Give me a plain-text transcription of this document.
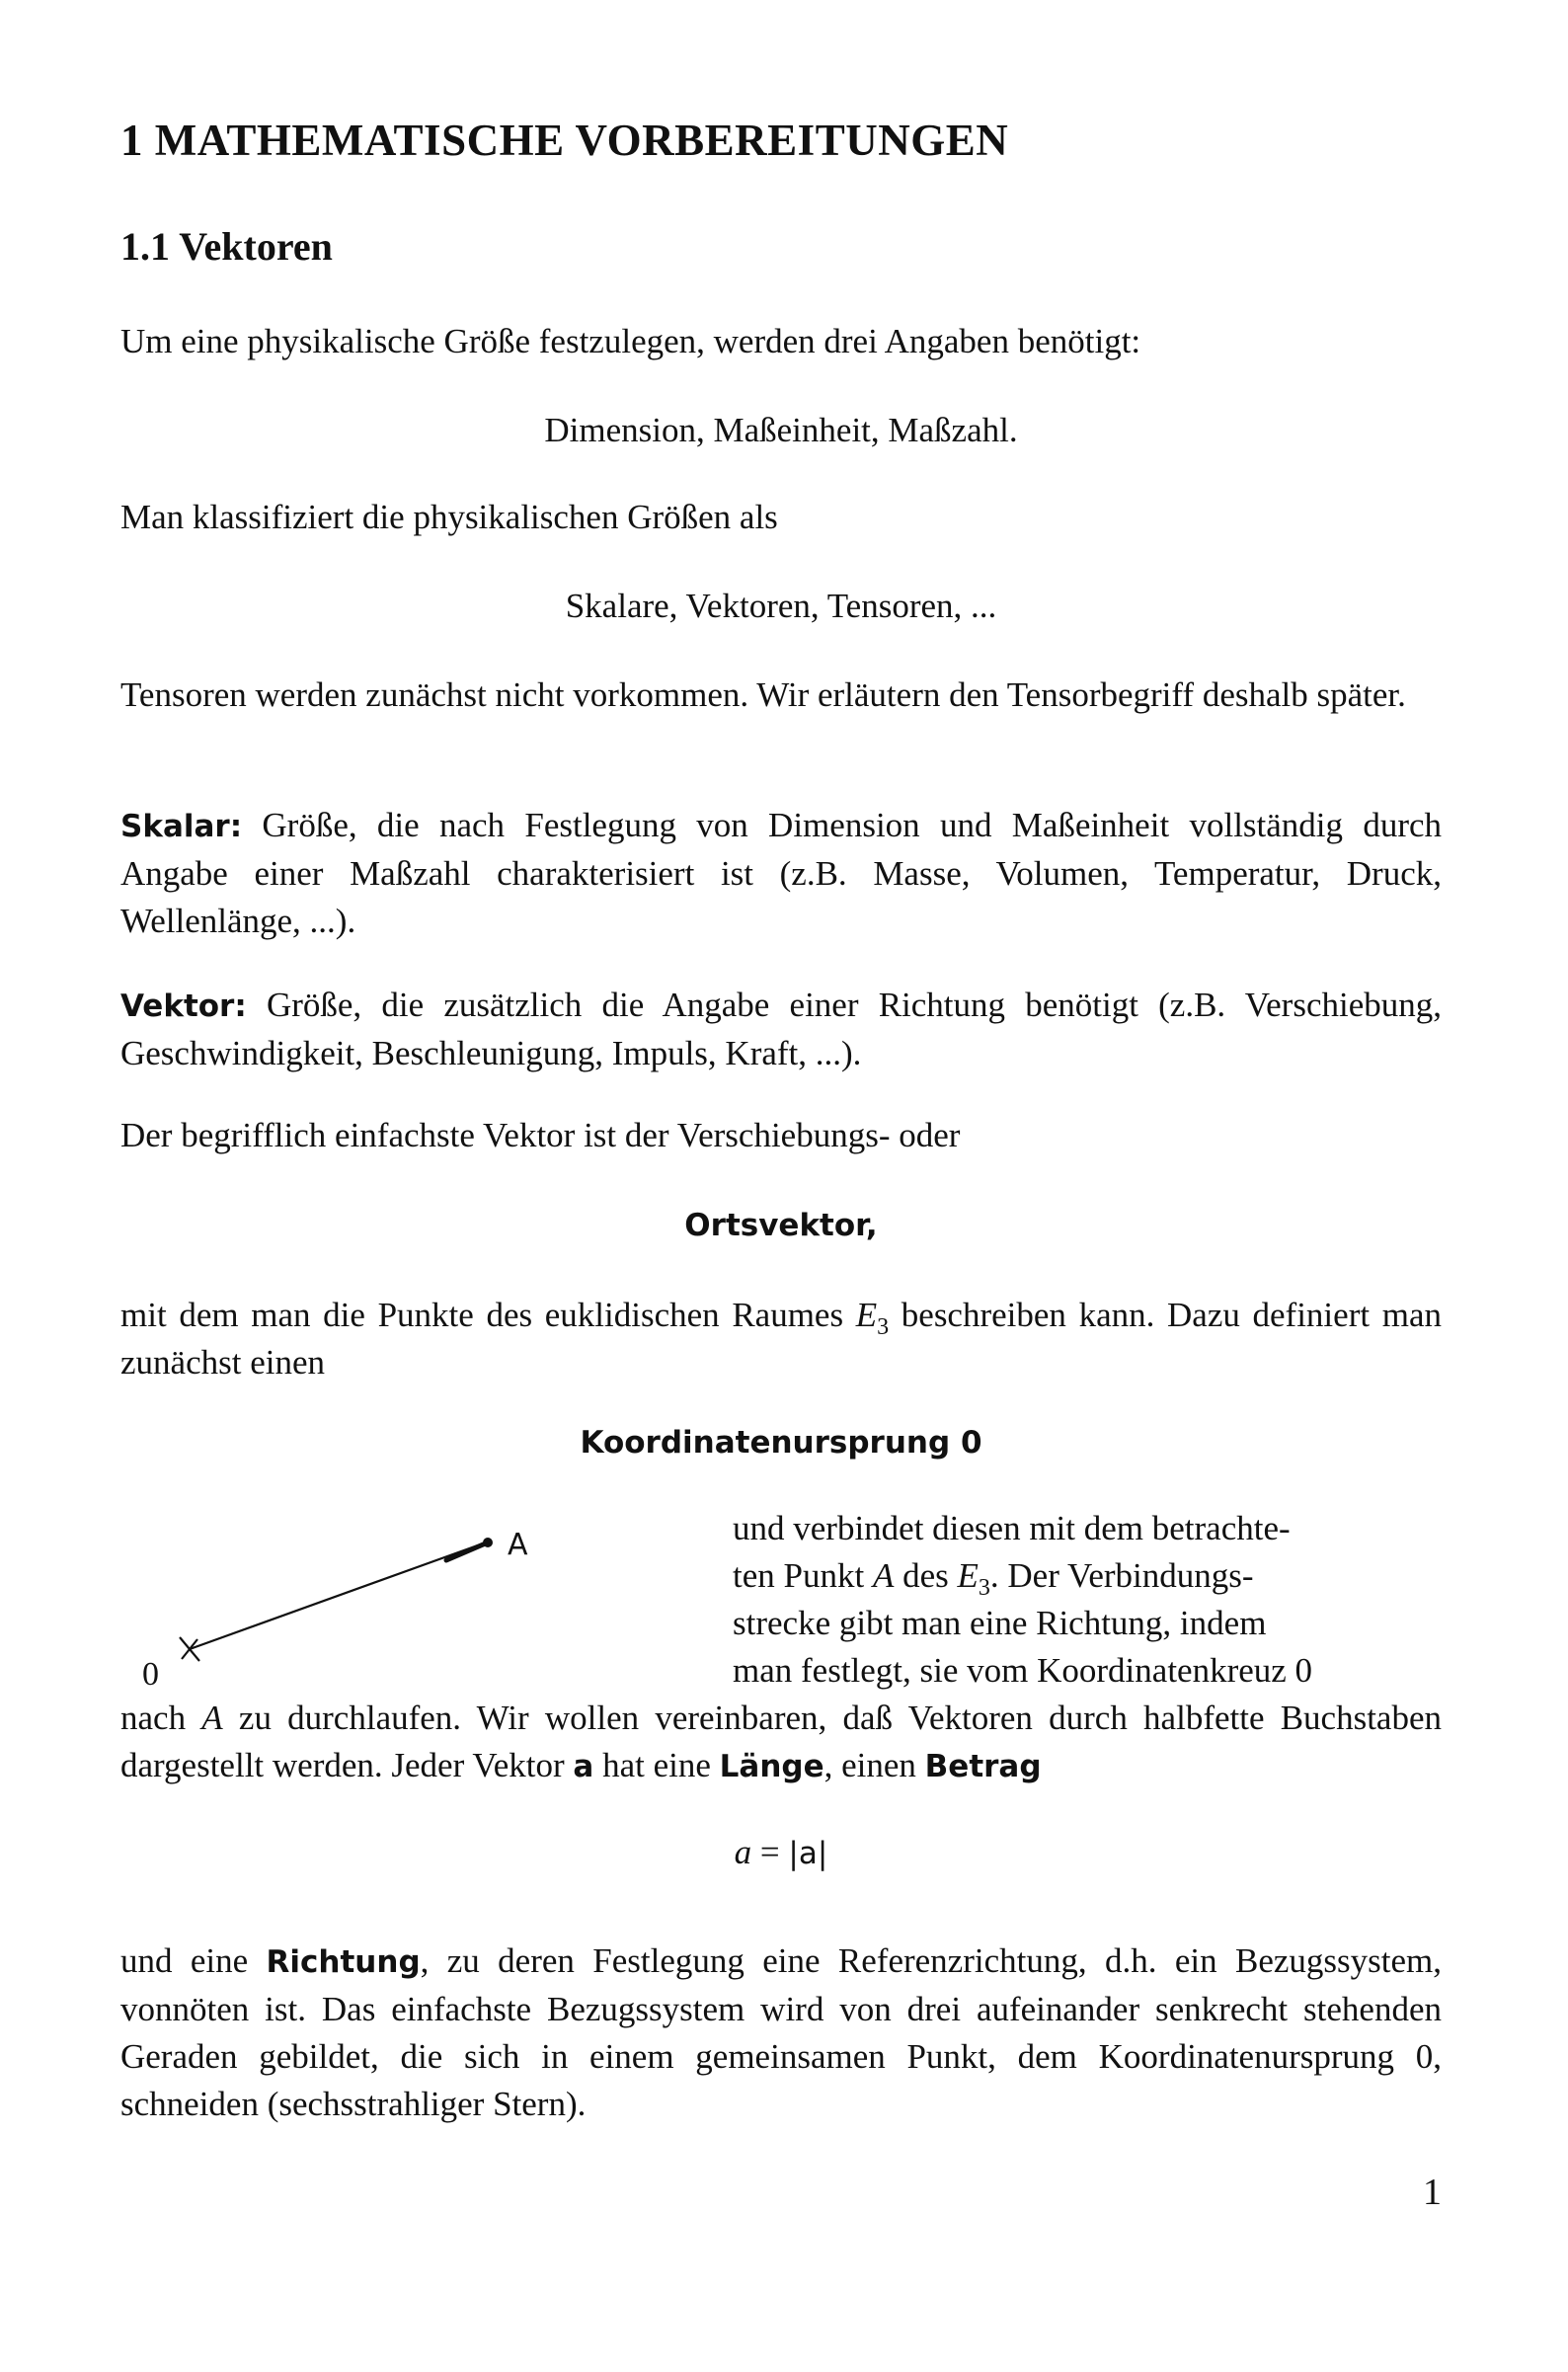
1 MATHEMATISCHE VORBEREITUNGEN
1.1 Vektoren

Um eine physikalische Größe festzulegen, werden drei Angaben benötigt:

Dimension, Maßeinheit, Maßzahl.

Man klassifiziert die physikalischen Größen als

Skalare, Vektoren, Tensoren, ...

Tensoren werden zunächst nicht vorkommen. Wir erläutern den Tensorbegriff deshalb später.

Skalar: Größe, die nach Festlegung von Dimension und Maßeinheit vollständig durch Angabe einer Maßzahl charakterisiert ist (z.B. Masse, Volumen, Temperatur, Druck, Wellenlänge, ...).

Vektor: Größe, die zusätzlich die Angabe einer Richtung benötigt (z.B. Verschiebung, Geschwindigkeit, Beschleunigung, Impuls, Kraft, ...).

Der begrifflich einfachste Vektor ist der Verschiebungs- oder

Ortsvektor,

mit dem man die Punkte des euklidischen Raumes $E_3$ beschreiben kann. Dazu definiert man zunächst einen

Koordinatenursprung 0

0
A	und verbindet diesen mit dem betrachte-

ten Punkt A des $E_3$. Der Verbindungs-

strecke gibt man eine Richtung, indem

man festlegt, sie vom Koordinatenkreuz 0

nach A zu durchlaufen. Wir wollen vereinbaren, daß Vektoren durch halbfette Buchstaben dargestellt werden. Jeder Vektor a hat eine Länge, einen Betrag

a = |a|

und eine Richtung, zu deren Festlegung eine Referenzrichtung, d.h. ein Bezugssystem, vonnöten ist. Das einfachste Bezugssystem wird von drei aufeinander senkrecht stehenden Geraden gebildet, die sich in einem gemeinsamen Punkt, dem Koordinatenursprung 0, schneiden (sechsstrahliger Stern).

1
